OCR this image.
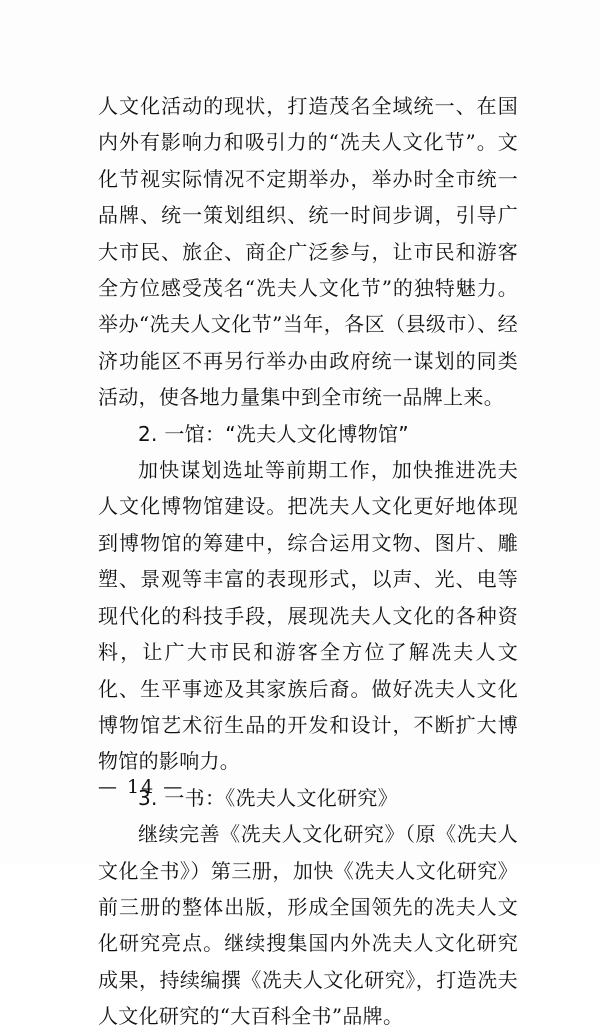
人文化活动的现状，打造茂名全域统一、在国内外有影响力和吸引力的“冼夫人文化节”。文化节视实际情况不定期举办，举办时全市统一品牌、统一策划组织、统一时间步调，引导广大市民、旅企、商企广泛参与，让市民和游客全方位感受茂名“冼夫人文化节”的独特魅力。举办“冼夫人文化节”当年，各区（县级市）、经济功能区不再另行举办由政府统一谋划的同类活动，使各地力量集中到全市统一品牌上来。

2. 一馆：“冼夫人文化博物馆”

加快谋划选址等前期工作，加快推进冼夫人文化博物馆建设。把冼夫人文化更好地体现到博物馆的筹建中，综合运用文物、图片、雕塑、景观等丰富的表现形式，以声、光、电等现代化的科技手段，展现冼夫人文化的各种资料，让广大市民和游客全方位了解冼夫人文化、生平事迹及其家族后裔。做好冼夫人文化博物馆艺术衍生品的开发和设计，不断扩大博物馆的影响力。

3. 一书：《冼夫人文化研究》

继续完善《冼夫人文化研究》（原《冼夫人文化全书》）第三册，加快《冼夫人文化研究》前三册的整体出版，形成全国领先的冼夫人文化研究亮点。继续搜集国内外冼夫人文化研究成果，持续编撰《冼夫人文化研究》，打造冼夫人文化研究的“大百科全书”品牌。

— 14 —
